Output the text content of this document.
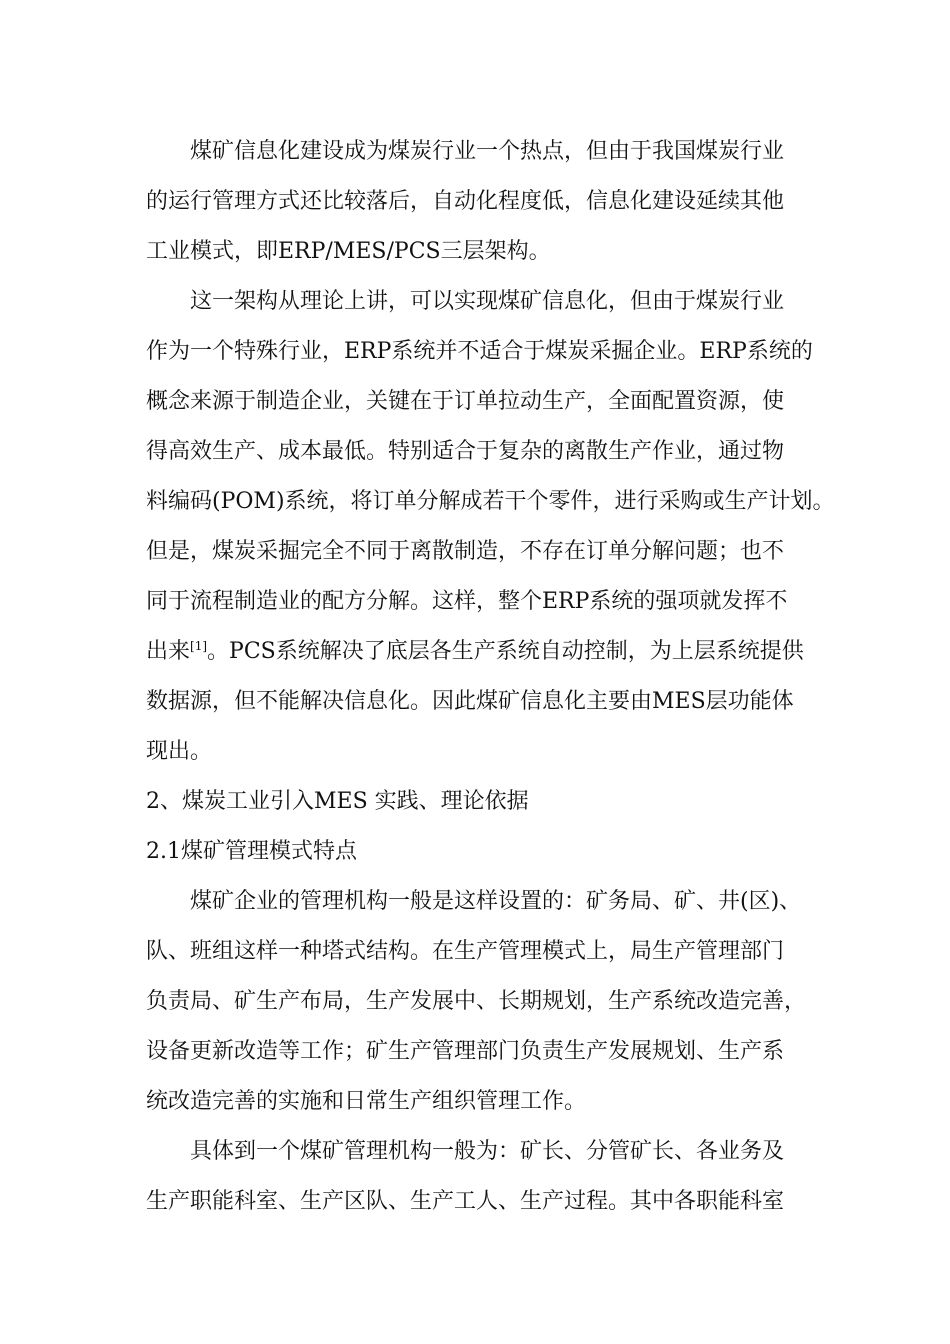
煤矿信息化建设成为煤炭行业一个热点，但由于我国煤炭行业
的运行管理方式还比较落后，自动化程度低，信息化建设延续其他
工业模式，即ERP/MES/PCS三层架构。
这一架构从理论上讲，可以实现煤矿信息化，但由于煤炭行业
作为一个特殊行业，ERP系统并不适合于煤炭采掘企业。ERP系统的
概念来源于制造企业，关键在于订单拉动生产，全面配置资源，使
得高效生产、成本最低。特别适合于复杂的离散生产作业，通过物
料编码(POM)系统，将订单分解成若干个零件，进行采购或生产计划。
但是，煤炭采掘完全不同于离散制造，不存在订单分解问题；也不
同于流程制造业的配方分解。这样，整个ERP系统的强项就发挥不
出来[1]。PCS系统解决了底层各生产系统自动控制，为上层系统提供
数据源，但不能解决信息化。因此煤矿信息化主要由MES层功能体
现出。
2、煤炭工业引入MES 实践、理论依据
2.1煤矿管理模式特点
煤矿企业的管理机构一般是这样设置的：矿务局、矿、井(区)、
队、班组这样一种塔式结构。在生产管理模式上，局生产管理部门
负责局、矿生产布局，生产发展中、长期规划，生产系统改造完善，
设备更新改造等工作；矿生产管理部门负责生产发展规划、生产系
统改造完善的实施和日常生产组织管理工作。
具体到一个煤矿管理机构一般为：矿长、分管矿长、各业务及
生产职能科室、生产区队、生产工人、生产过程。其中各职能科室
